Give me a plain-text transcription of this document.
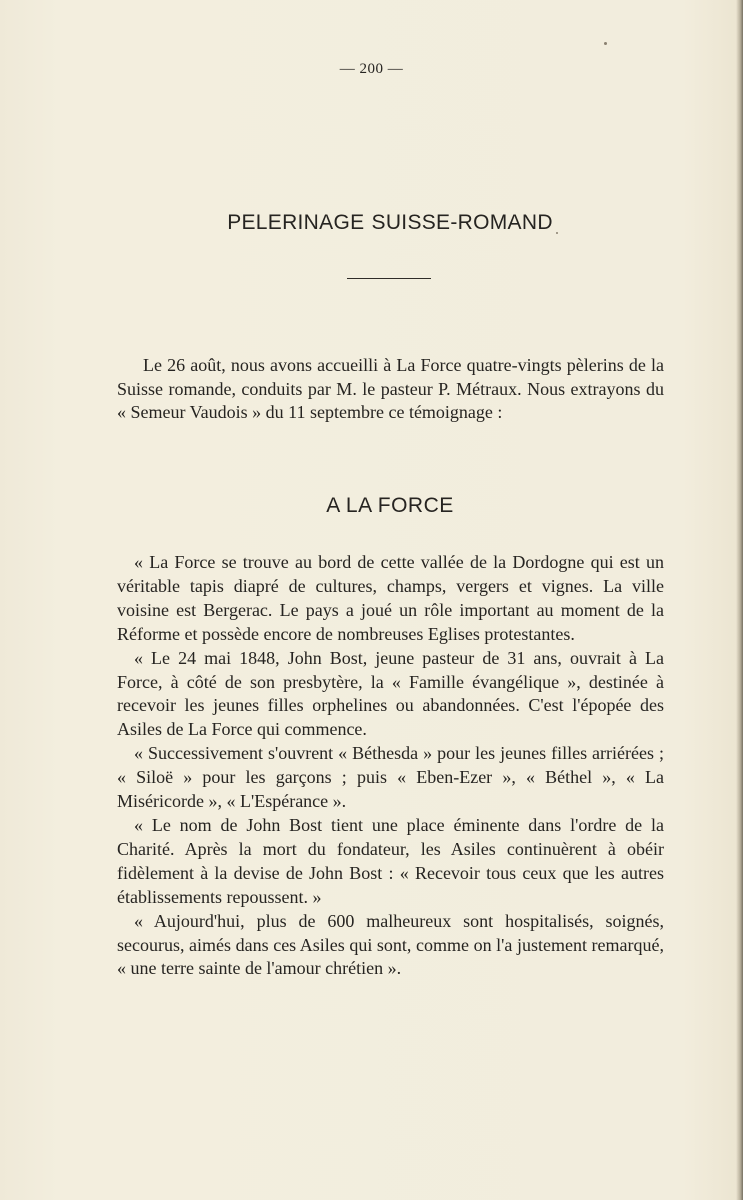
— 200 —
PELERINAGE SUISSE-ROMAND
Le 26 août, nous avons accueilli à La Force quatre-vingts pèlerins de la Suisse romande, conduits par M. le pasteur P. Métraux. Nous extrayons du « Semeur Vaudois » du 11 septembre ce témoignage :
A LA FORCE

« La Force se trouve au bord de cette vallée de la Dordogne qui est un véritable tapis diapré de cultures, champs, vergers et vignes. La ville voisine est Bergerac. Le pays a joué un rôle important au moment de la Réforme et possède encore de nombreuses Eglises protestantes.

« Le 24 mai 1848, John Bost, jeune pasteur de 31 ans, ouvrait à La Force, à côté de son presbytère, la « Famille évangélique », destinée à recevoir les jeunes filles orphelines ou abandonnées. C'est l'épopée des Asiles de La Force qui commence.

« Successivement s'ouvrent « Béthesda » pour les jeunes filles arriérées ; « Siloë » pour les garçons ; puis « Eben-Ezer », « Béthel », « La Miséricorde », « L'Espérance ».

« Le nom de John Bost tient une place éminente dans l'ordre de la Charité. Après la mort du fondateur, les Asiles continuèrent à obéir fidèlement à la devise de John Bost : « Recevoir tous ceux que les autres établissements repoussent. »

« Aujourd'hui, plus de 600 malheureux sont hospitalisés, soignés, secourus, aimés dans ces Asiles qui sont, comme on l'a justement remarqué, « une terre sainte de l'amour chrétien ».
